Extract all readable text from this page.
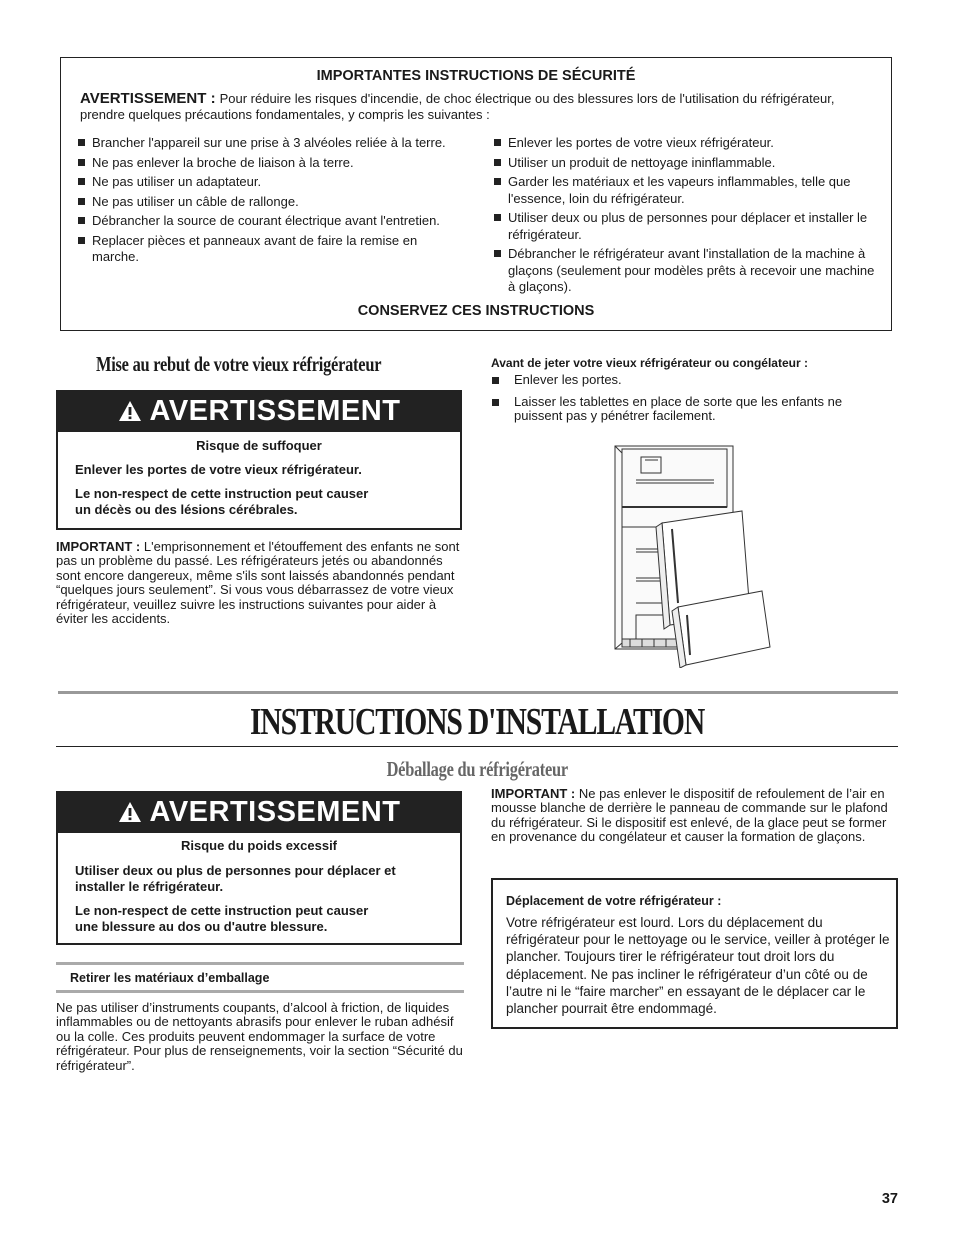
IMPORTANTES INSTRUCTIONS DE SÉCURITÉ

AVERTISSEMENT : Pour réduire les risques d'incendie, de choc électrique ou des blessures lors de l'utilisation du réfrigérateur, prendre quelques précautions fondamentales, y compris les suivantes :

Brancher l'appareil sur une prise à 3 alvéoles reliée à la terre.
Ne pas enlever la broche de liaison à la terre.
Ne pas utiliser un adaptateur.
Ne pas utiliser un câble de rallonge.
Débrancher la source de courant électrique avant l'entretien.
Replacer pièces et panneaux avant de faire la remise en marche.
Enlever les portes de votre vieux réfrigérateur.
Utiliser un produit de nettoyage ininflammable.
Garder les matériaux et les vapeurs inflammables, telle que l'essence, loin du réfrigérateur.
Utiliser deux ou plus de personnes pour déplacer et installer le réfrigérateur.
Débrancher le réfrigérateur avant l'installation de la machine à glaçons (seulement pour modèles prêts à recevoir une machine à glaçons).
CONSERVEZ CES INSTRUCTIONS
Mise au rebut de votre vieux réfrigérateur
AVERTISSEMENT
Risque de suffoquer
Enlever les portes de votre vieux réfrigérateur.
Le non-respect de cette instruction peut causer
un décès ou des lésions cérébrales.

IMPORTANT : L'emprisonnement et l'étouffement des enfants ne sont pas un problème du passé. Les réfrigérateurs jetés ou abandonnés sont encore dangereux, même s'ils sont laissés abandonnés pendant “quelques jours seulement”. Si vous vous débarrassez de votre vieux réfrigérateur, veuillez suivre les instructions suivantes pour aider à éviter les accidents.

Avant de jeter votre vieux réfrigérateur ou congélateur :
Enlever les portes.
Laisser les tablettes en place de sorte que les enfants ne puissent pas y pénétrer facilement.
INSTRUCTIONS D'INSTALLATION
Déballage du réfrigérateur
AVERTISSEMENT
Risque du poids excessif
Utiliser deux ou plus de personnes pour déplacer et
installer le réfrigérateur.
Le non-respect de cette instruction peut causer
une blessure au dos ou d'autre blessure.
Retirer les matériaux d’emballage

Ne pas utiliser d’instruments coupants, d’alcool à friction, de liquides inflammables ou de nettoyants abrasifs pour enlever le ruban adhésif ou la colle. Ces produits peuvent endommager la surface de votre réfrigérateur. Pour plus de renseignements, voir la section “Sécurité du réfrigérateur”.

IMPORTANT : Ne pas enlever le dispositif de refoulement de l’air en mousse blanche de derrière le panneau de commande sur le plafond du réfrigérateur. Si le dispositif est enlevé, de la glace peut se former en provenance du congélateur et causer la formation de glaçons.

Déplacement de votre réfrigérateur :

Votre réfrigérateur est lourd. Lors du déplacement du réfrigérateur pour le nettoyage ou le service, veiller à protéger le plancher. Toujours tirer le réfrigérateur tout droit lors du déplacement. Ne pas incliner le réfrigérateur d’un côté ou de l’autre ni le “faire marcher” en essayant de le déplacer car le plancher pourrait être endommagé.

37
